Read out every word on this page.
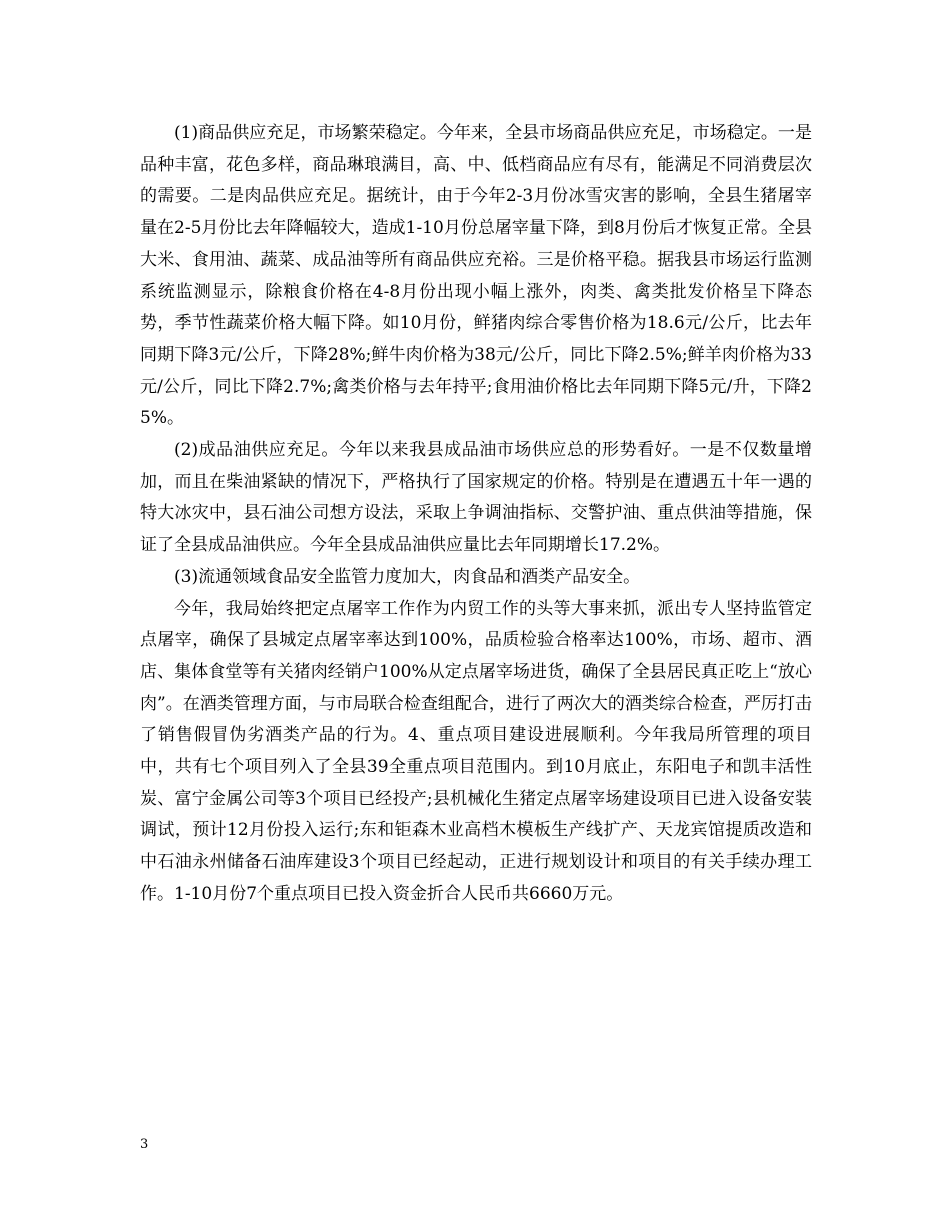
(1)商品供应充足，市场繁荣稳定。今年来，全县市场商品供应充足，市场稳定。一是品种丰富，花色多样，商品琳琅满目，高、中、低档商品应有尽有，能满足不同消费层次的需要。二是肉品供应充足。据统计，由于今年2-3月份冰雪灾害的影响，全县生猪屠宰量在2-5月份比去年降幅较大，造成1-10月份总屠宰量下降，到8月份后才恢复正常。全县大米、食用油、蔬菜、成品油等所有商品供应充裕。三是价格平稳。据我县市场运行监测系统监测显示，除粮食价格在4-8月份出现小幅上涨外，肉类、禽类批发价格呈下降态势，季节性蔬菜价格大幅下降。如10月份，鲜猪肉综合零售价格为18.6元/公斤，比去年同期下降3元/公斤，下降28%;鲜牛肉价格为38元/公斤，同比下降2.5%;鲜羊肉价格为33元/公斤，同比下降2.7%;禽类价格与去年持平;食用油价格比去年同期下降5元/升，下降25%。

(2)成品油供应充足。今年以来我县成品油市场供应总的形势看好。一是不仅数量增加，而且在柴油紧缺的情况下，严格执行了国家规定的价格。特别是在遭遇五十年一遇的特大冰灾中，县石油公司想方设法，采取上争调油指标、交警护油、重点供油等措施，保证了全县成品油供应。今年全县成品油供应量比去年同期增长17.2%。

(3)流通领域食品安全监管力度加大，肉食品和酒类产品安全。

今年，我局始终把定点屠宰工作作为内贸工作的头等大事来抓，派出专人坚持监管定点屠宰，确保了县城定点屠宰率达到100%，品质检验合格率达100%，市场、超市、酒店、集体食堂等有关猪肉经销户100%从定点屠宰场进货，确保了全县居民真正吃上“放心肉”。在酒类管理方面，与市局联合检查组配合，进行了两次大的酒类综合检查，严厉打击了销售假冒伪劣酒类产品的行为。4、重点项目建设进展顺利。今年我局所管理的项目中，共有七个项目列入了全县39全重点项目范围内。到10月底止，东阳电子和凯丰活性炭、富宁金属公司等3个项目已经投产;县机械化生猪定点屠宰场建设项目已进入设备安装调试，预计12月份投入运行;东和钜森木业高档木模板生产线扩产、天龙宾馆提质改造和中石油永州储备石油库建设3个项目已经起动，正进行规划设计和项目的有关手续办理工作。1-10月份7个重点项目已投入资金折合人民币共6660万元。

3
